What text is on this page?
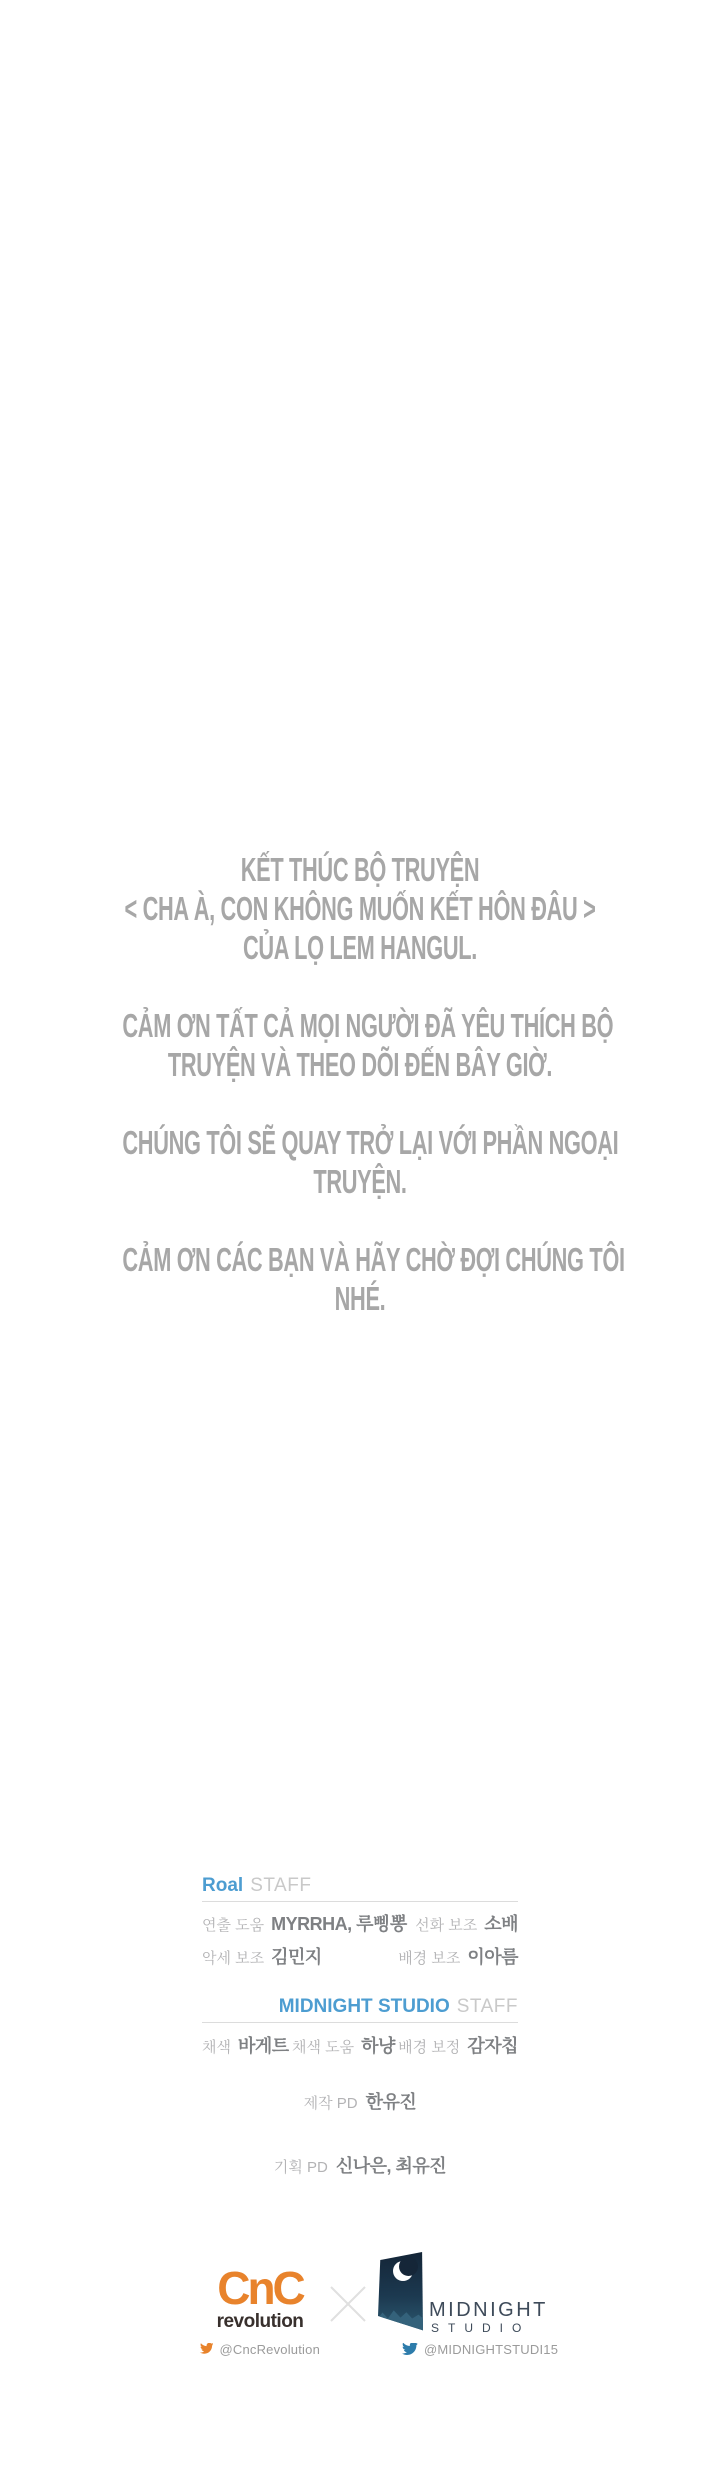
KẾT THÚC BỘ TRUYỆN
< CHA À, CON KHÔNG MUỐN KẾT HÔN ĐÂU >
CỦA LỌ LEM HANGUL.

CẢM ƠN TẤT CẢ MỌI NGƯỜI ĐÃ YÊU THÍCH BỘ
TRUYỆN VÀ THEO DÕI ĐẾN BÂY GIỜ.

CHÚNG TÔI SẼ QUAY TRỞ LẠI VỚI PHẦN NGOẠI
TRUYỆN.

CẢM ƠN CÁC BẠN VÀ HÃY CHỜ ĐỢI CHÚNG TÔI
NHÉ.

Roal STAFF
연출 도움 MYRRHA, 루삥뽕 선화 보조 소배
악세 보조 김민지	배경 보조 이아름
MIDNIGHT STUDIO STAFF
채색 바게트 채색 도움 하냥 배경 보정 감자칩
제작 PD 한유진
기획 PD 신나은, 최유진
CnC
revolution
@CncRevolution
MIDNIGHT
STUDIO
@MIDNIGHTSTUDI15
